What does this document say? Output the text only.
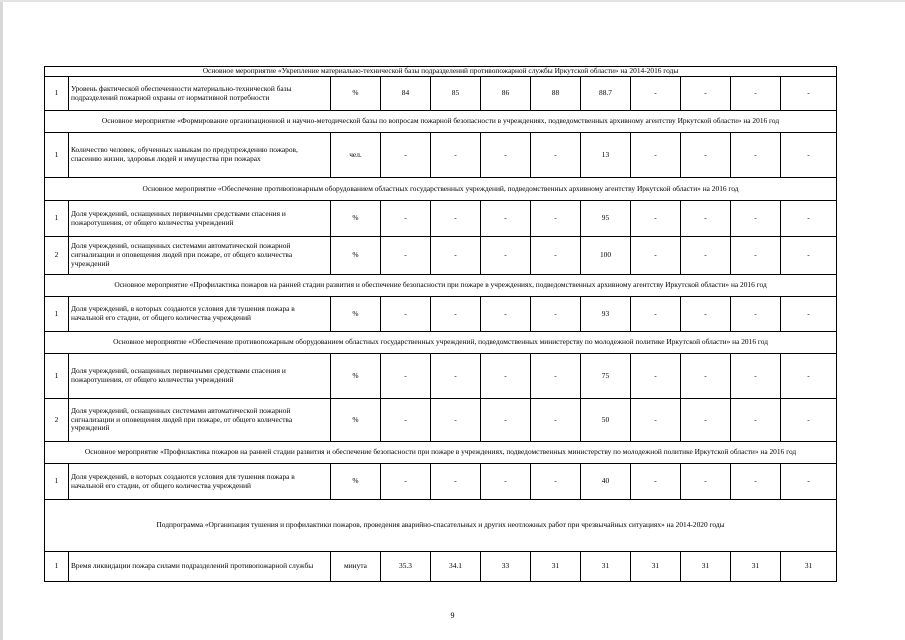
Основное мероприятие «Укрепление материально-технической базы подразделений противопожарной службы Иркутской области» на 2014-2016 годы											
1	Уровень фактической обеспеченности материально-технической базы подразделений пожарной охраны от нормативной потребности	%	84	85	86	88	88.7	-	-	-	-
Основное мероприятие «Формирование организационной и научно-методической базы по вопросам пожарной безопасности в учреждениях, подведомственных архивному агентству Иркутской области» на 2016 год											
1	Количество человек, обученных навыкам по предупреждению пожаров, спасению жизни, здоровья людей и имущества при пожарах	чел.	-	-	-	-	13	-	-	-	-
Основное мероприятие «Обеспечение противопожарным оборудованием областных государственных учреждений, подведомственных архивному агентству Иркутской области» на 2016 год											
1	Доля учреждений, оснащенных первичными средствами спасения и пожаротушения, от общего количества учреждений	%	-	-	-	-	95	-	-	-	-
2	Доля учреждений, оснащенных системами автоматической пожарной сигнализации и оповещения людей при пожаре, от общего количества учреждений	%	-	-	-	-	100	-	-	-	-
Основное мероприятие «Профилактика пожаров на ранней стадии развития и обеспечение безопасности при пожаре в учреждениях, подведомственных архивному агентству Иркутской области» на 2016 год											
1	Доля учреждений, в которых создаются условия для тушения пожара в начальной его стадии, от общего количества учреждений	%	-	-	-	-	93	-	-	-	-
Основное мероприятие «Обеспечение противопожарным оборудованием областных государственных учреждений, подведомственных министерству по молодежной политике Иркутской области» на 2016 год											
1	Доля учреждений, оснащенных первичными средствами спасения и пожаротушения, от общего количества учреждений	%	-	-	-	-	75	-	-	-	-
2	Доля учреждений, оснащенных системами автоматической пожарной сигнализации и оповещения людей при пожаре, от общего количества учреждений	%	-	-	-	-	50	-	-	-	-
Основное мероприятие «Профилактика пожаров на ранней стадии развития и обеспечение безопасности при пожаре в учреждениях, подведомственных министерству по молодежной политике Иркутской области» на 2016 год											
1	Доля учреждений, в которых создаются условия для тушения пожара в начальной его стадии, от общего количества учреждений	%	-	-	-	-	40	-	-	-	-
Подпрограмма «Организация тушения и профилактики пожаров, проведения аварийно-спасательных и других неотложных работ при чрезвычайных ситуациях» на 2014-2020 годы											
1	Время ликвидации пожара силами подразделений противопожарной службы	минута	35.3	34.1	33	31	31	31	31	31	31
9
